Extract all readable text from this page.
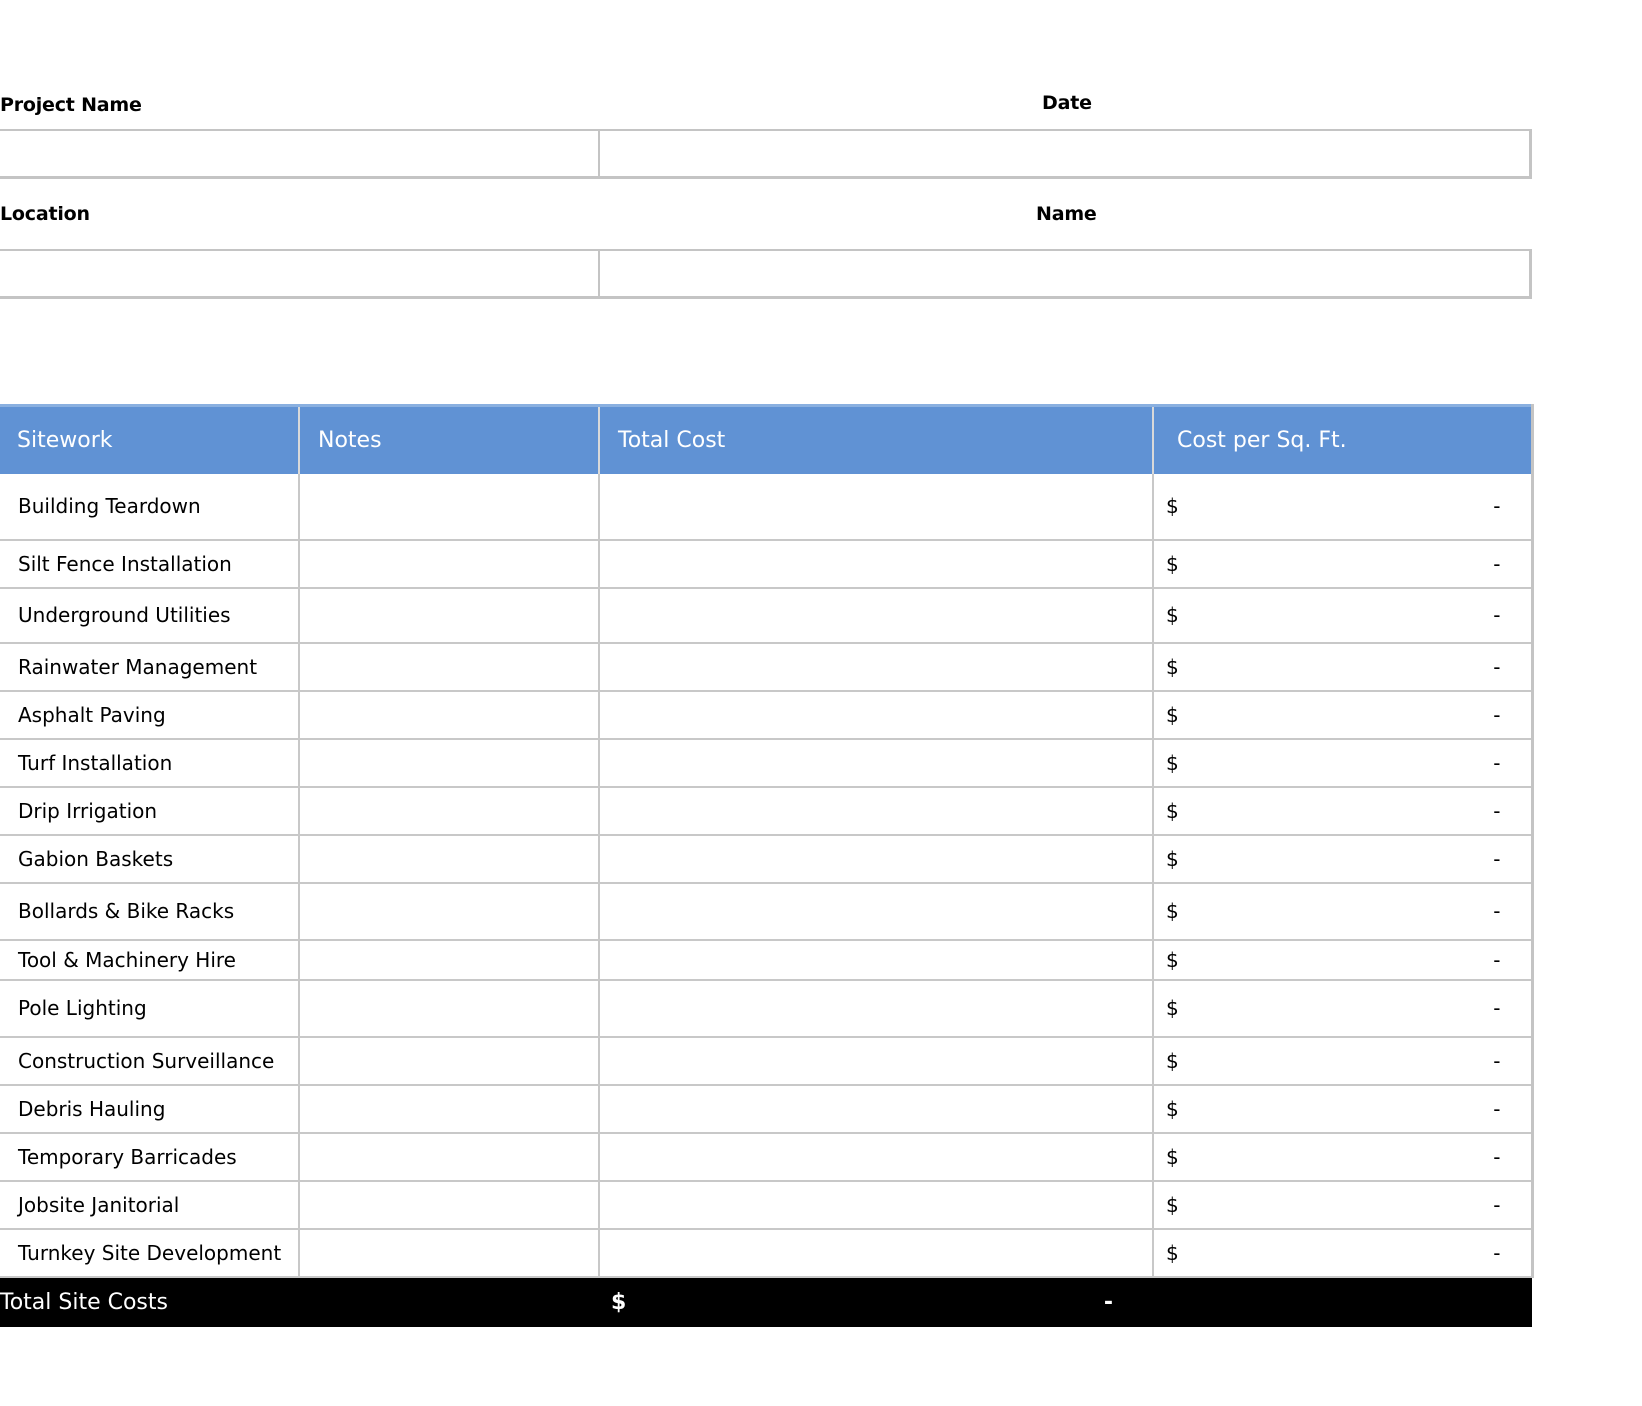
Project Name	Date
Location	Name
Sitework	Notes	Total Cost	Cost per Sq. Ft.
Building Teardown			$ -

Silt Fence Installation			$ -

Underground Utilities			$ -

Rainwater Management			$ -

Asphalt Paving			$ -

Turf Installation			$ -

Drip Irrigation			$ -

Gabion Baskets			$ -

Bollards & Bike Racks			$ -

Tool & Machinery Hire			$ -

Pole Lighting			$ -

Construction Surveillance			$ -

Debris Hauling			$ -

Temporary Barricades			$ -

Jobsite Janitorial			$ -

Turnkey Site Development			$ -

Total Site Costs		$ -	
